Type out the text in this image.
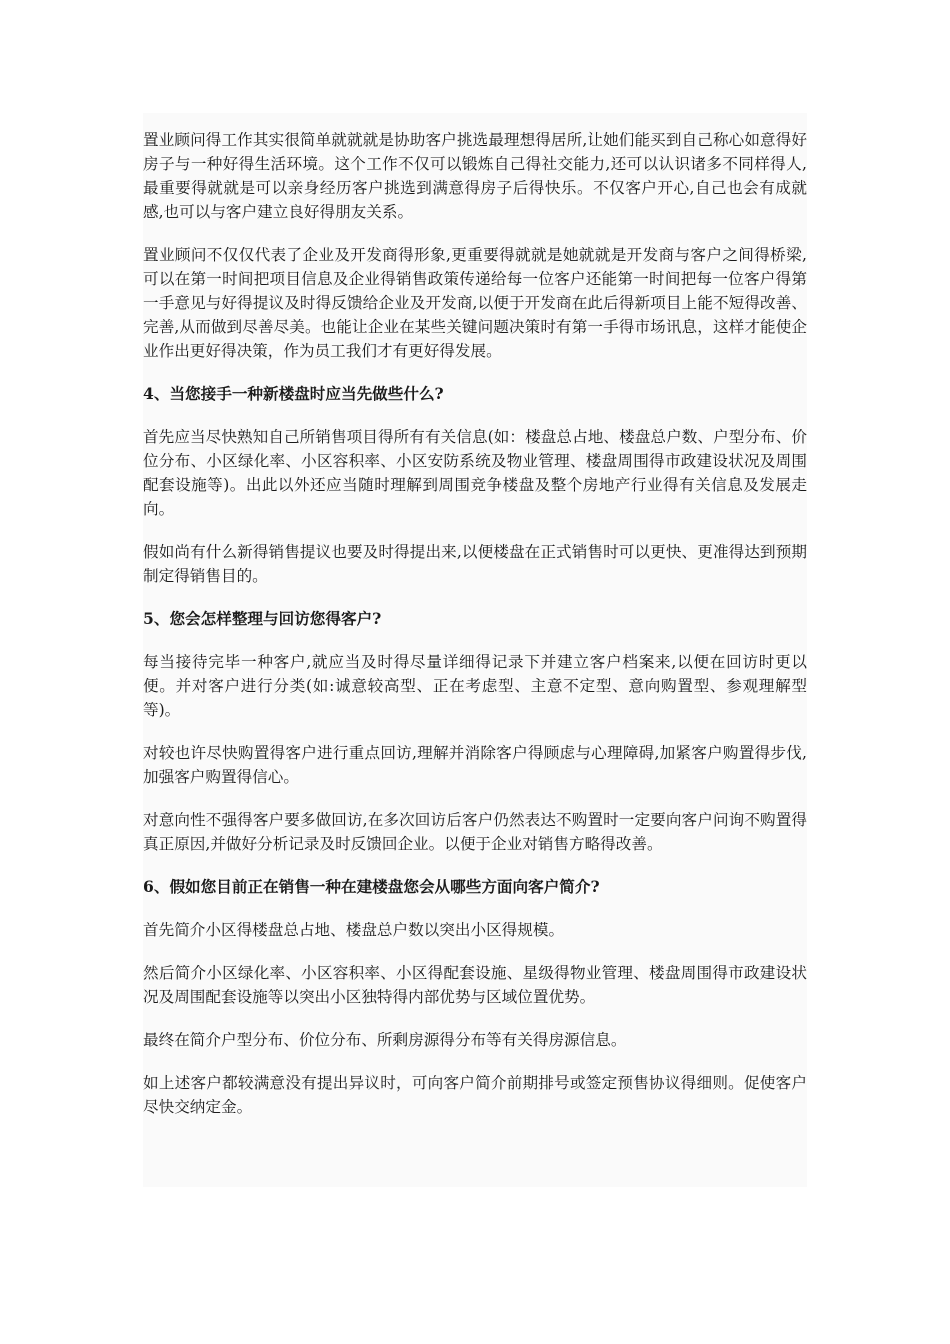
置业顾问得工作其实很简单就就就是协助客户挑选最理想得居所,让她们能买到自己称心如意得好房子与一种好得生活环境。这个工作不仅可以锻炼自己得社交能力,还可以认识诸多不同样得人,最重要得就就是可以亲身经历客户挑选到满意得房子后得快乐。不仅客户开心,自己也会有成就感,也可以与客户建立良好得朋友关系。

置业顾问不仅仅代表了企业及开发商得形象,更重要得就就是她就就是开发商与客户之间得桥梁,可以在第一时间把项目信息及企业得销售政策传递给每一位客户还能第一时间把每一位客户得第一手意见与好得提议及时得反馈给企业及开发商,以便于开发商在此后得新项目上能不短得改善、完善,从而做到尽善尽美。也能让企业在某些关键问题决策时有第一手得市场讯息，这样才能使企业作出更好得决策，作为员工我们才有更好得发展。

4、当您接手一种新楼盘时应当先做些什么?

首先应当尽快熟知自己所销售项目得所有有关信息(如：楼盘总占地、楼盘总户数、户型分布、价位分布、小区绿化率、小区容积率、小区安防系统及物业管理、楼盘周围得市政建设状况及周围配套设施等)。出此以外还应当随时理解到周围竞争楼盘及整个房地产行业得有关信息及发展走向。

假如尚有什么新得销售提议也要及时得提出来,以便楼盘在正式销售时可以更快、更准得达到预期制定得销售目的。

5、您会怎样整理与回访您得客户?

每当接待完毕一种客户,就应当及时得尽量详细得记录下并建立客户档案来,以便在回访时更以便。并对客户进行分类(如:诚意较高型、正在考虑型、主意不定型、意向购置型、参观理解型等)。

对较也许尽快购置得客户进行重点回访,理解并消除客户得顾虑与心理障碍,加紧客户购置得步伐,加强客户购置得信心。

对意向性不强得客户要多做回访,在多次回访后客户仍然表达不购置时一定要向客户问询不购置得真正原因,并做好分析记录及时反馈回企业。以便于企业对销售方略得改善。

6、假如您目前正在销售一种在建楼盘您会从哪些方面向客户简介?

首先简介小区得楼盘总占地、楼盘总户数以突出小区得规模。

然后简介小区绿化率、小区容积率、小区得配套设施、星级得物业管理、楼盘周围得市政建设状况及周围配套设施等以突出小区独特得内部优势与区域位置优势。

最终在简介户型分布、价位分布、所剩房源得分布等有关得房源信息。

如上述客户都较满意没有提出异议时，可向客户简介前期排号或签定预售协议得细则。促使客户尽快交纳定金。
